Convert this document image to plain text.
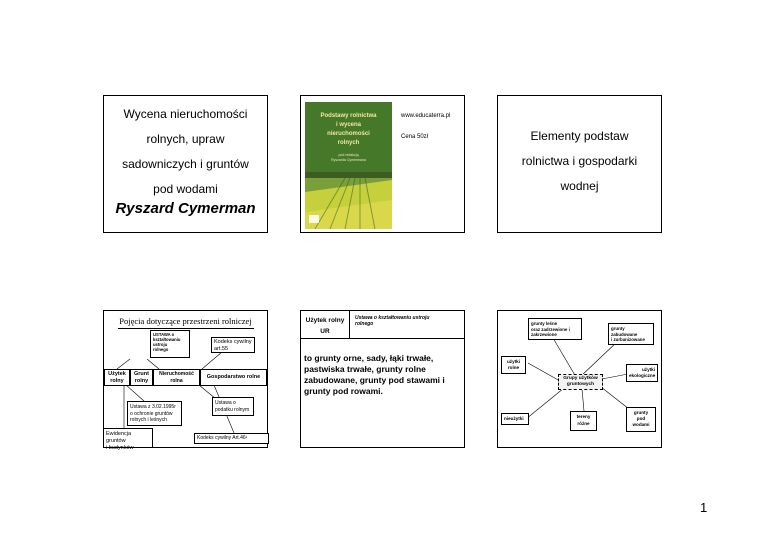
Wycena nieruchomości
rolnych, upraw
sadowniczych i gruntów
pod wodami
Ryszard Cymerman
Podstawy rolnictwa
i wycena
nieruchomości
rolnych
pod redakcją
Ryszarda Cymermana
www.educaterra.pl
Cena 50zł	Elementy podstaw
rolnictwa i gospodarki
wodnej
Pojęcia dotyczące przestrzeni rolniczej
USTAWA o
kształtowaniu
ustroju
rolnego
Kodeks cywilny
art.55
Użytek
rolny
Grunt
rolny
Nieruchomość
rolna
Gospodarstwo rolne
Ustawa z 3.02.1995r
o ochronie gruntów
rolnych i leśnych
Ustawa o
podatku rolnym
Ewidencja gruntów
i budynków
Kodeks cywilny Art.46¹
Użytek rolny
UR
Ustawa o kształtowaniu ustroju
rolnego
to grunty orne, sady, łąki trwałe,
pastwiska trwałe, grunty rolne
zabudowane, grunty pod stawami i
grunty pod rowami.
grunty leśne
oraz zadrzewione i
zakrzewione
grunty
zabudowane
i zurbanizowane
użytki
rolne
Grupy użytków
gruntowych
użytki
ekologiczne
nieużytki	tereny
różne
grunty
pod
wodami
1
